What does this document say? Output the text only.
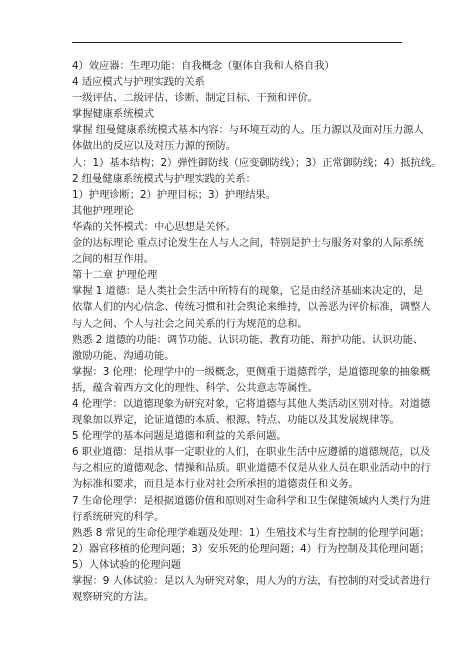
4）效应器：生理功能：自我概念（躯体自我和人格自我）

4 适应模式与护理实践的关系

一级评估、二级评估、诊断、制定目标、干预和评价。

掌握健康系统模式

掌握 纽曼健康系统模式基本内容：与环境互动的人。压力源以及面对压力源人

体做出的反应以及对压力源的预防。

人：1）基本结构；2）弹性御防线（应变御防线）；3）正常御防线；4）抵抗线。

2 纽曼健康系统模式与护理实践的关系：

1）护理诊断；2）护理目标；3）护理结果。

其他护理理论

华森的关怀模式：中心思想是关怀。

金的达标理论 重点讨论发生在人与人之间，特别是护士与服务对象的人际系统

之间的相互作用。

第十二章 护理伦理

掌握 1 道德：是人类社会生活中所特有的现象，它是由经济基础来决定的，是

依靠人们的内心信念、传统习惯和社会舆论来维持，以善恶为评价标准，调整人

与人之间、个人与社会之间关系的行为规范的总和。

熟悉 2 道德的功能：调节功能、认识功能、教育功能、辩护功能、认识功能、

激励功能、沟通功能。

掌握：3 伦理：伦理学中的一级概念，更侧重于道德哲学，是道德现象的抽象概

括，蕴含着西方文化的理性、科学、公共意志等属性。

4 伦理学：以道德现象为研究对象，它将道德与其他人类活动区别对待。对道德

现象加以界定，论证道德的本质、根源、特点、功能以及其发展规律等。

5 伦理学的基本问题是道德和利益的关系问题。

6 职业道德：是指从事一定职业的人们，在职业生活中应遵循的道德规范，以及

与之相应的道德观念、情操和品质。职业道德不仅是从业人员在职业活动中的行

为标准和要求，而且是本行业对社会所承担的道德责任和义务。

7 生命伦理学：是根据道德价值和原则对生命科学和卫生保健领域内人类行为进

行系统研究的科学。

熟悉 8 常见的生命伦理学难题及处理：1）生殖技术与生育控制的伦理学问题；

2）器官移植的伦理问题；3）安乐死的伦理问题；4）行为控制及其伦理问题；

5）人体试验的伦理问题

掌握：9 人体试验：是以人为研究对象，用人为的方法，有控制的对受试者进行

观察研究的方法。
